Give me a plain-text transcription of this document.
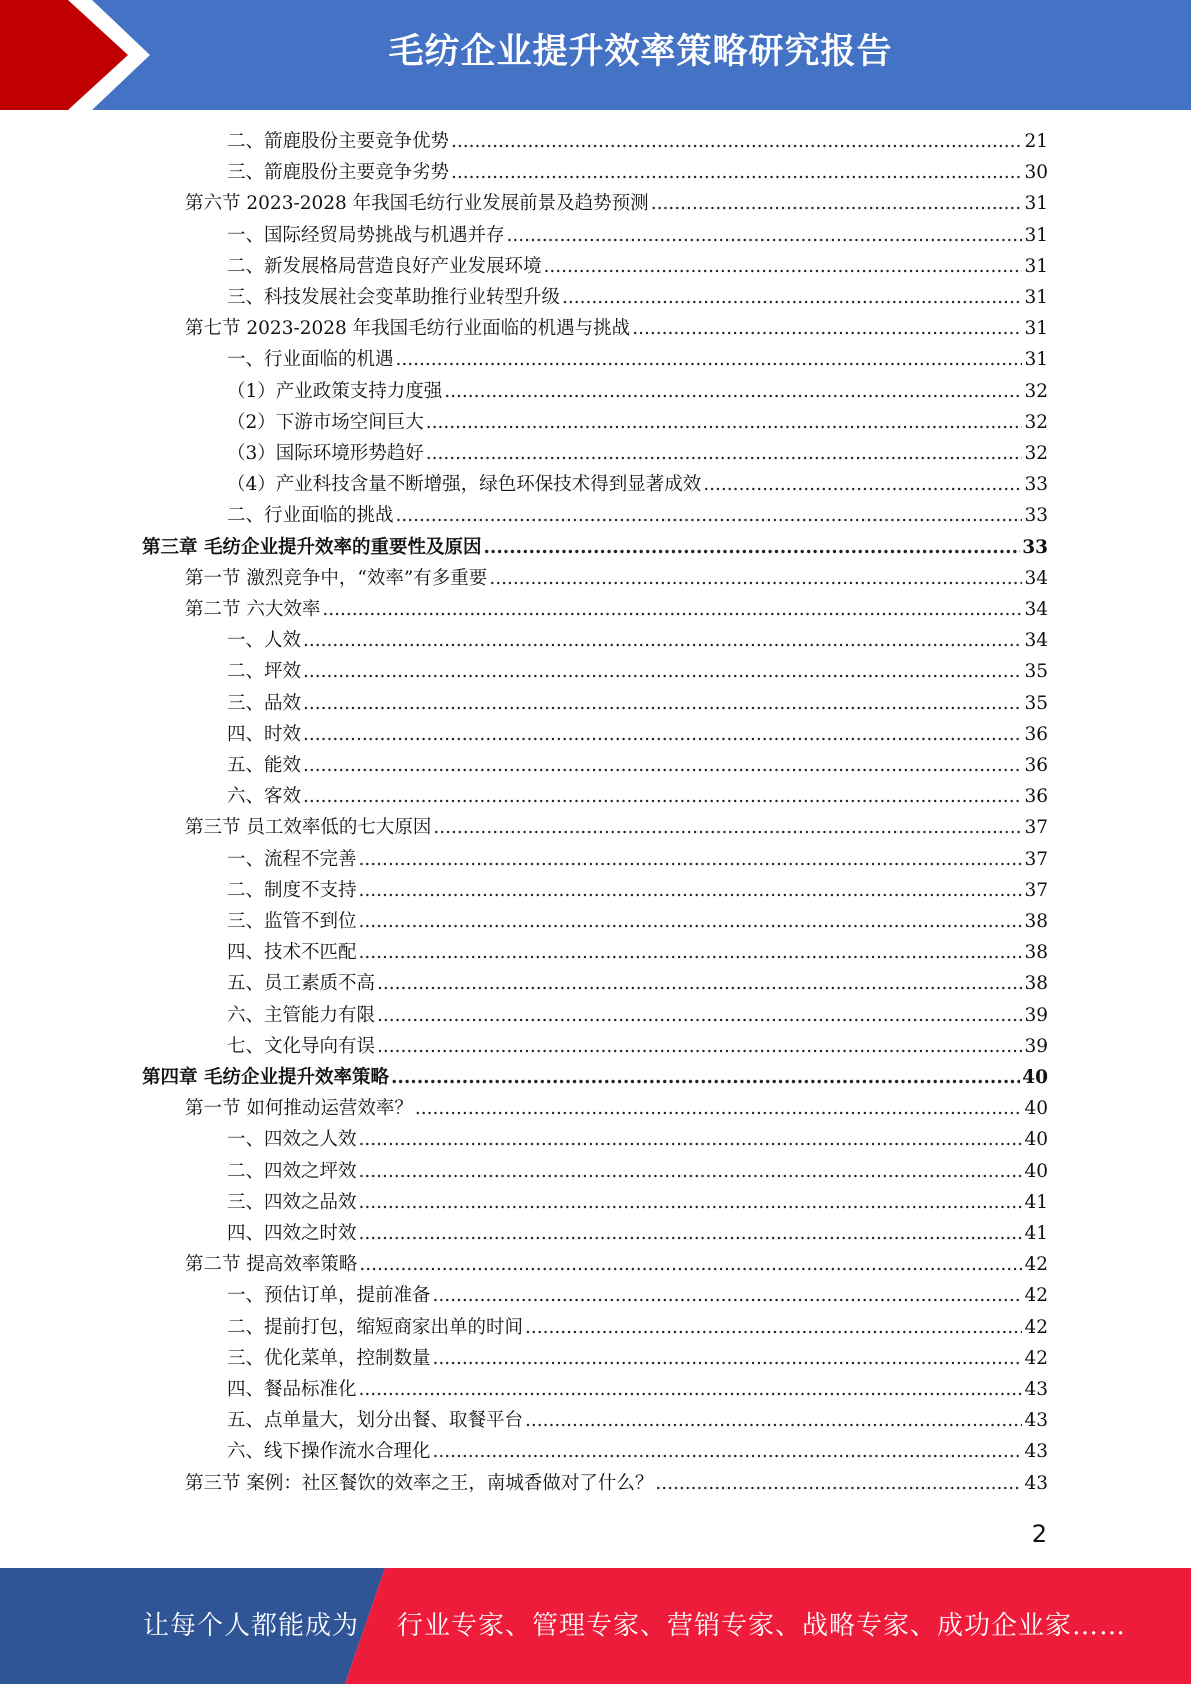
毛纺企业提升效率策略研究报告
二、箭鹿股份主要竞争优势 .....	21
三、箭鹿股份主要竞争劣势 .....	30
第六节 2023-2028 年我国毛纺行业发展前景及趋势预测 .....	31
一、国际经贸局势挑战与机遇并存 .....	31
二、新发展格局营造良好产业发展环境 .....	31
三、科技发展社会变革助推行业转型升级 .....	31
第七节 2023-2028 年我国毛纺行业面临的机遇与挑战 .....	31
一、行业面临的机遇 .....	31
（1）产业政策支持力度强 .....	32
（2）下游市场空间巨大 .....	32
（3）国际环境形势趋好 .....	32
（4）产业科技含量不断增强，绿色环保技术得到显著成效 .....	33
二、行业面临的挑战 .....	33
第三章 毛纺企业提升效率的重要性及原因 .....	33
第一节 激烈竞争中，“效率”有多重要 .....	34
第二节 六大效率 .....	34
一、人效 .....	34
二、坪效 .....	35
三、品效 .....	35
四、时效 .....	36
五、能效 .....	36
六、客效 .....	36
第三节 员工效率低的七大原因 .....	37
一、流程不完善 .....	37
二、制度不支持 .....	37
三、监管不到位 .....	38
四、技术不匹配 .....	38
五、员工素质不高 .....	38
六、主管能力有限 .....	39
七、文化导向有误 .....	39
第四章 毛纺企业提升效率策略 .....	40
第一节 如何推动运营效率？ .....	40
一、四效之人效 .....	40
二、四效之坪效 .....	40
三、四效之品效 .....	41
四、四效之时效 .....	41
第二节 提高效率策略 .....	42
一、预估订单，提前准备 .....	42
二、提前打包，缩短商家出单的时间 .....	42
三、优化菜单，控制数量 .....	42
四、餐品标准化 .....	43
五、点单量大，划分出餐、取餐平台 .....	43
六、线下操作流水合理化 .....	43
第三节 案例：社区餐饮的效率之王，南城香做对了什么？ .....	43
2
让每个人都能成为 行业专家、管理专家、营销专家、战略专家、成功企业家……
